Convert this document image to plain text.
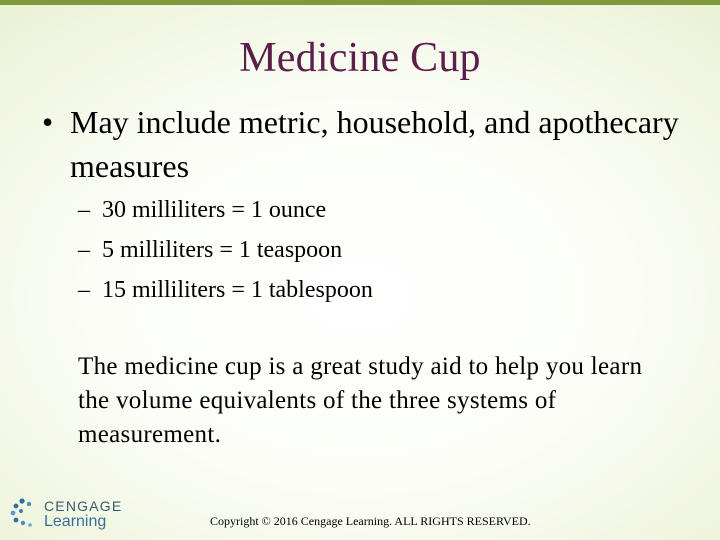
Medicine Cup
• May include metric, household, and apothecary measures
– 30 milliliters = 1 ounce
– 5 milliliters = 1 teaspoon
– 15 milliliters = 1 tablespoon
The medicine cup is a great study aid to help you learn the volume equivalents of the three systems of measurement.
CENGAGE
Learning	Copyright © 2016 Cengage Learning. ALL RIGHTS RESERVED.
